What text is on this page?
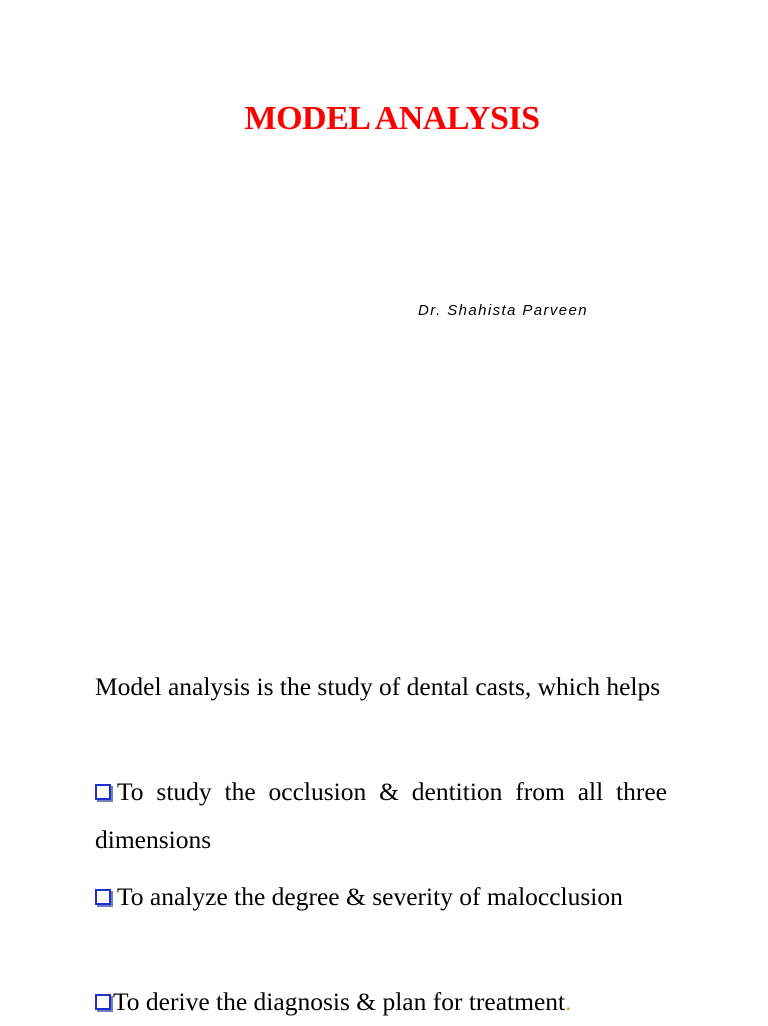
MODEL ANALYSIS
Dr. Shahista Parveen

Model analysis is the study of dental casts, which helps

To study the occlusion & dentition from all three dimensions

To analyze the degree & severity of malocclusion

To derive the diagnosis & plan for treatment.
